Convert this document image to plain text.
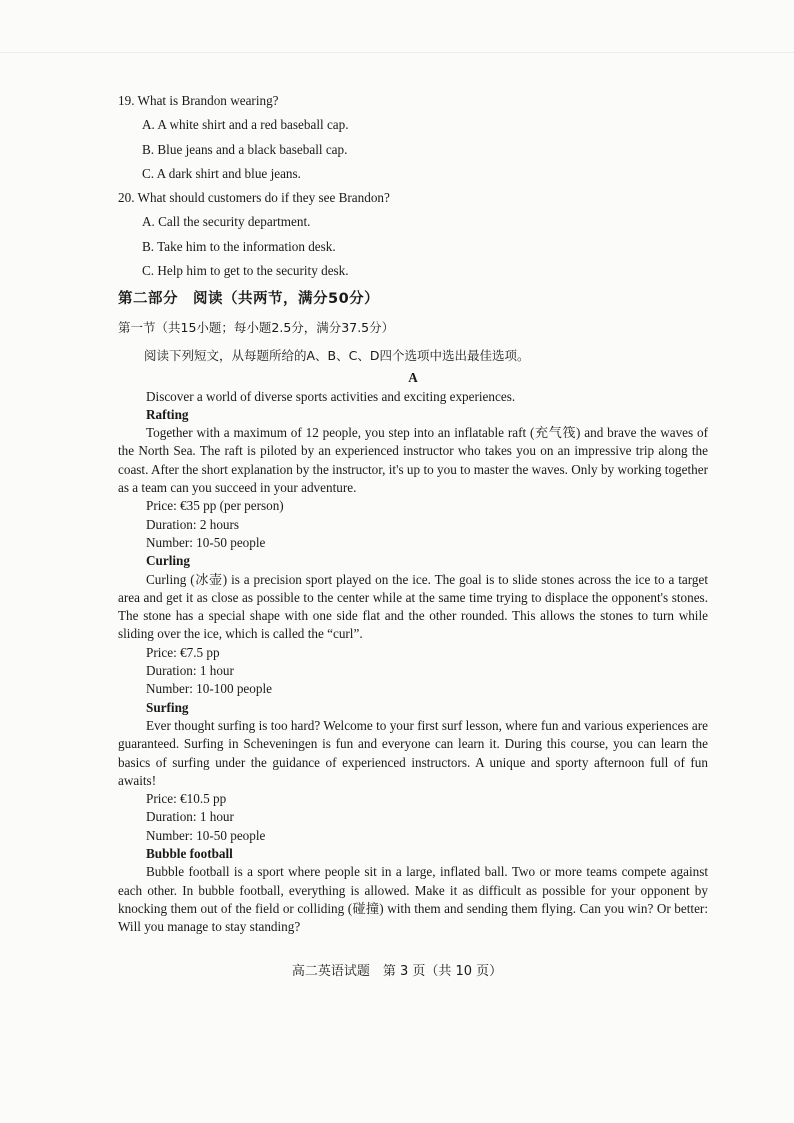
19. What is Brandon wearing?
A. A white shirt and a red baseball cap.
B. Blue jeans and a black baseball cap.
C. A dark shirt and blue jeans.
20. What should customers do if they see Brandon?
A. Call the security department.
B. Take him to the information desk.
C. Help him to get to the security desk.
第二部分　阅读（共两节，满分50分）
第一节（共15小题；每小题2.5分，满分37.5分）
阅读下列短文，从每题所给的A、B、C、D四个选项中选出最佳选项。
A

Discover a world of diverse sports activities and exciting experiences.

Rafting

Together with a maximum of 12 people, you step into an inflatable raft (充气筏) and brave the waves of the North Sea. The raft is piloted by an experienced instructor who takes you on an impressive trip along the coast. After the short explanation by the instructor, it's up to you to master the waves. Only by working together as a team can you succeed in your adventure.

Price: €35 pp (per person)
Duration: 2 hours
Number: 10-50 people
Curling

Curling (冰壶) is a precision sport played on the ice. The goal is to slide stones across the ice to a target area and get it as close as possible to the center while at the same time trying to displace the opponent's stones. The stone has a special shape with one side flat and the other rounded. This allows the stones to turn while sliding over the ice, which is called the “curl”.

Price: €7.5 pp
Duration: 1 hour
Number: 10-100 people
Surfing

Ever thought surfing is too hard? Welcome to your first surf lesson, where fun and various experiences are guaranteed. Surfing in Scheveningen is fun and everyone can learn it. During this course, you can learn the basics of surfing under the guidance of experienced instructors. A unique and sporty afternoon full of fun awaits!

Price: €10.5 pp
Duration: 1 hour
Number: 10-50 people
Bubble football

Bubble football is a sport where people sit in a large, inflated ball. Two or more teams compete against each other. In bubble football, everything is allowed. Make it as difficult as possible for your opponent by knocking them out of the field or colliding (碰撞) with them and sending them flying. Can you win? Or better: Will you manage to stay standing?

高二英语试题　第 3 页（共 10 页）
